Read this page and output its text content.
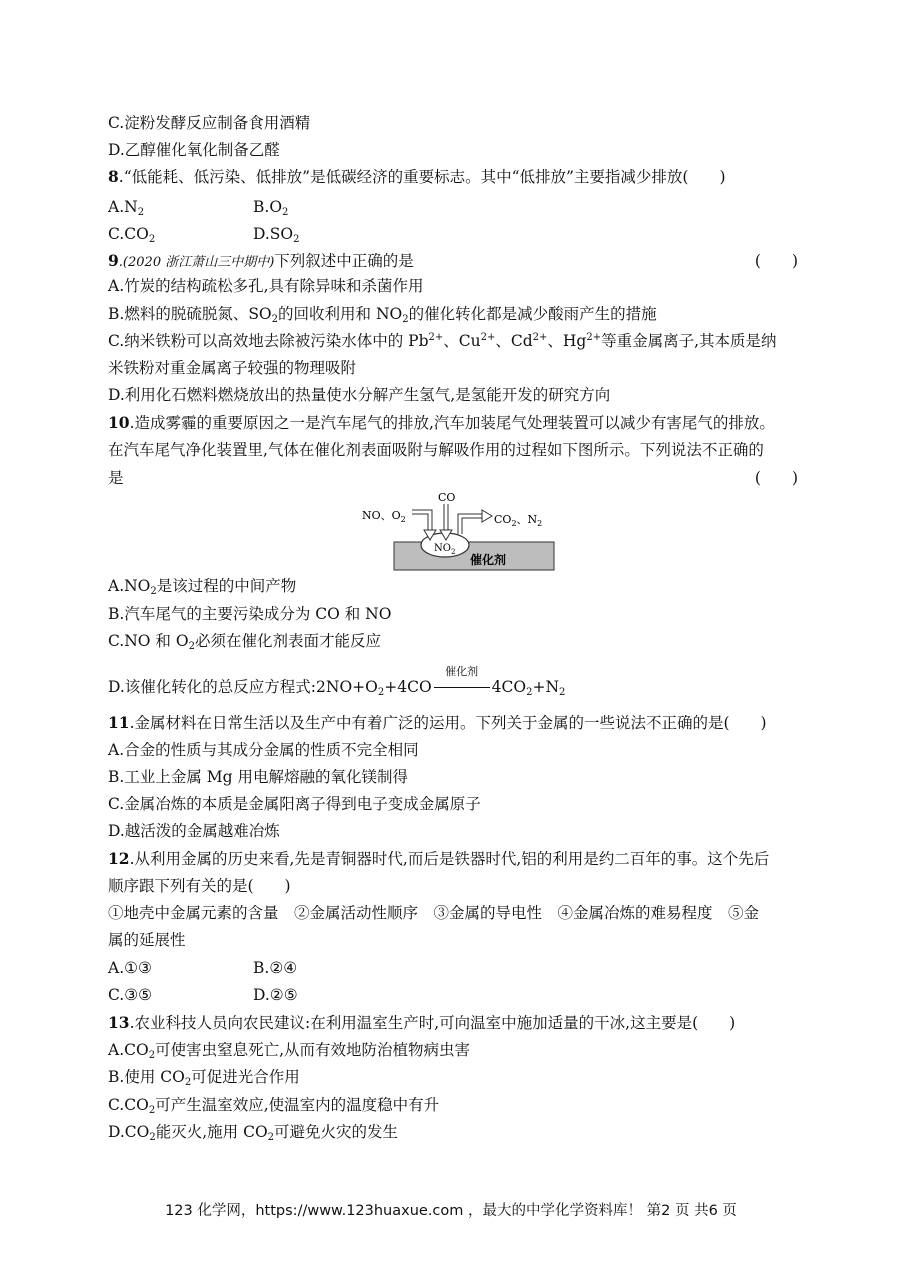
C.淀粉发酵反应制备食用酒精
D.乙醇催化氧化制备乙醛
8.“低能耗、低污染、低排放”是低碳经济的重要标志。其中“低排放”主要指减少排放(　　)
$A.N_2$	$B.O_2$
$C.CO_2$	$D.SO_2$
9.(2020 浙江萧山三中期中)下列叙述中正确的是	(　　)
A.竹炭的结构疏松多孔,具有除异味和杀菌作用
B.燃料的脱硫脱氮、$SO_2$的回收利用和 $NO_2$的催化转化都是减少酸雨产生的措施
C.纳米铁粉可以高效地去除被污染水体中的 $Pb^{2+}$、$Cu^{2+}$、$Cd^{2+}$、$Hg^{2+}$等重金属离子,其本质是纳
米铁粉对重金属离子较强的物理吸附
D.利用化石燃料燃烧放出的热量使水分解产生氢气,是氢能开发的研究方向
10.造成雾霾的重要原因之一是汽车尾气的排放,汽车加装尾气处理装置可以减少有害尾气的排放。
在汽车尾气净化装置里,气体在催化剂表面吸附与解吸作用的过程如下图所示。下列说法不正确的
是	(　　)
CO
NO、$O_2$	$CO_2$、$N_2$
$NO_2$
催化剂
$A.NO_2$是该过程的中间产物
B.汽车尾气的主要污染成分为 CO 和 NO
C.NO 和 $O_2$必须在催化剂表面才能反应
D.该催化转化的总反应方程式$:2NO+O_2+4CO$
催化剂
$4CO_2+N_2$
11.金属材料在日常生活以及生产中有着广泛的运用。下列关于金属的一些说法不正确的是(　　)
A.合金的性质与其成分金属的性质不完全相同
B.工业上金属 Mg 用电解熔融的氧化镁制得
C.金属冶炼的本质是金属阳离子得到电子变成金属原子
D.越活泼的金属越难冶炼
12.从利用金属的历史来看,先是青铜器时代,而后是铁器时代,铝的利用是约二百年的事。这个先后
顺序跟下列有关的是(　　)
①地壳中金属元素的含量　②金属活动性顺序　③金属的导电性　④金属冶炼的难易程度　⑤金
属的延展性
A.①③	B.②④
C.③⑤	D.②⑤
13.农业科技人员向农民建议:在利用温室生产时,可向温室中施加适量的干冰,这主要是(　　)
$A.CO_2$可使害虫窒息死亡,从而有效地防治植物病虫害
B.使用 $CO_2$可促进光合作用
$C.CO_2$可产生温室效应,使温室内的温度稳中有升
$D.CO_2$能灭火,施用 $CO_2$可避免火灾的发生
123 化学网，https://www.123huaxue.com ，最大的中学化学资料库！ 第2 页 共6 页
